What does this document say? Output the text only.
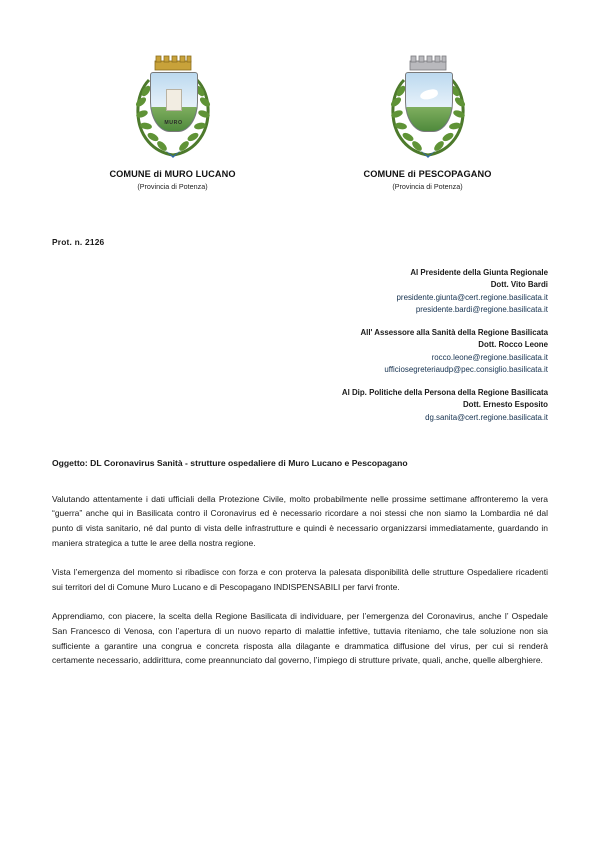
MURO
COMUNE di MURO LUCANO
(Provincia di Potenza)
COMUNE di PESCOPAGANO
(Provincia di Potenza)
Prot. n. 2126
Al Presidente della Giunta Regionale
Dott. Vito Bardi
presidente.giunta@cert.regione.basilicata.it
presidente.bardi@regione.basilicata.it
All' Assessore alla Sanità della Regione Basilicata
Dott. Rocco Leone
rocco.leone@regione.basilicata.it
ufficiosegreteriaudp@pec.consiglio.basilicata.it
Al Dip. Politiche della Persona della Regione Basilicata
Dott. Ernesto Esposito
dg.sanita@cert.regione.basilicata.it
Oggetto: DL Coronavirus Sanità - strutture ospedaliere di Muro Lucano e Pescopagano

Valutando attentamente i dati ufficiali della Protezione Civile, molto probabilmente nelle prossime settimane affronteremo la vera “guerra” anche qui in Basilicata contro il Coronavirus ed è necessario ricordare a noi stessi che non siamo la Lombardia né dal punto di vista sanitario, né dal punto di vista delle infrastrutture e quindi è necessario organizzarsi immediatamente, guardando in maniera strategica a tutte le aree della nostra regione.

Vista l’emergenza del momento si ribadisce con forza e con proterva la palesata disponibilità delle strutture Ospedaliere ricadenti sui territori del di Comune Muro Lucano e di Pescopagano INDISPENSABILI per farvi fronte.

Apprendiamo, con piacere, la scelta della Regione Basilicata di individuare, per l’emergenza del Coronavirus, anche l’ Ospedale San Francesco di Venosa, con l’apertura di un nuovo reparto di malattie infettive, tuttavia riteniamo, che tale soluzione non sia sufficiente a garantire una congrua e concreta risposta alla dilagante e drammatica diffusione del virus, per cui si renderà certamente necessario, addirittura, come preannunciato dal governo, l’impiego di strutture private, quali, anche, quelle alberghiere.
